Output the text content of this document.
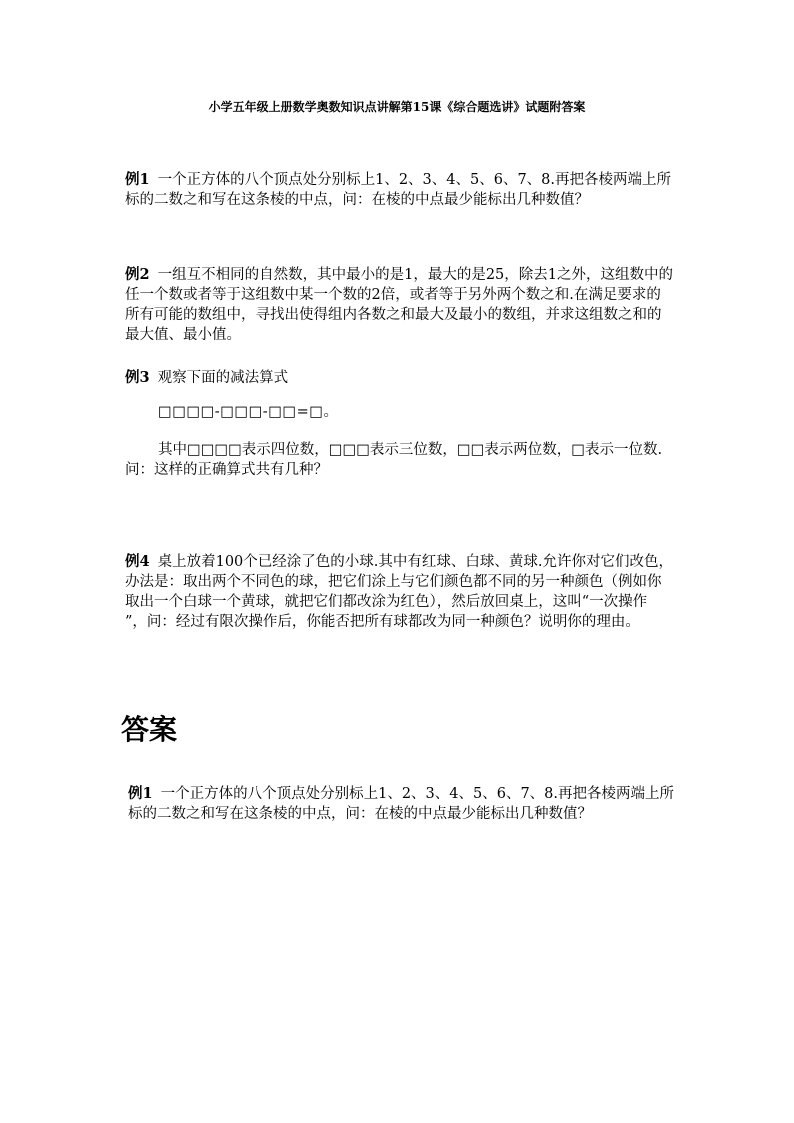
小学五年级上册数学奥数知识点讲解第15课《综合题选讲》试题附答案
例1 一个正方体的八个顶点处分别标上1、2、3、4、5、6、7、8.再把各棱两端上所标的二数之和写在这条棱的中点，问：在棱的中点最少能标出几种数值？
例2 一组互不相同的自然数，其中最小的是1，最大的是25，除去1之外，这组数中的任一个数或者等于这组数中某一个数的2倍，或者等于另外两个数之和.在满足要求的所有可能的数组中，寻找出使得组内各数之和最大及最小的数组，并求这组数之和的最大值、最小值。
例3 观察下面的减法算式
□□□□-□□□-□□=□。
其中□□□□表示四位数，□□□表示三位数，□□表示两位数，□表示一位数.问：这样的正确算式共有几种？
例4 桌上放着100个已经涂了色的小球.其中有红球、白球、黄球.允许你对它们改色，办法是：取出两个不同色的球，把它们涂上与它们颜色都不同的另一种颜色（例如你取出一个白球一个黄球，就把它们都改涂为红色），然后放回桌上，这叫“一次操作 ”，问：经过有限次操作后，你能否把所有球都改为同一种颜色？说明你的理由。
答案
例1 一个正方体的八个顶点处分别标上1、2、3、4、5、6、7、8.再把各棱两端上所标的二数之和写在这条棱的中点，问：在棱的中点最少能标出几种数值？
